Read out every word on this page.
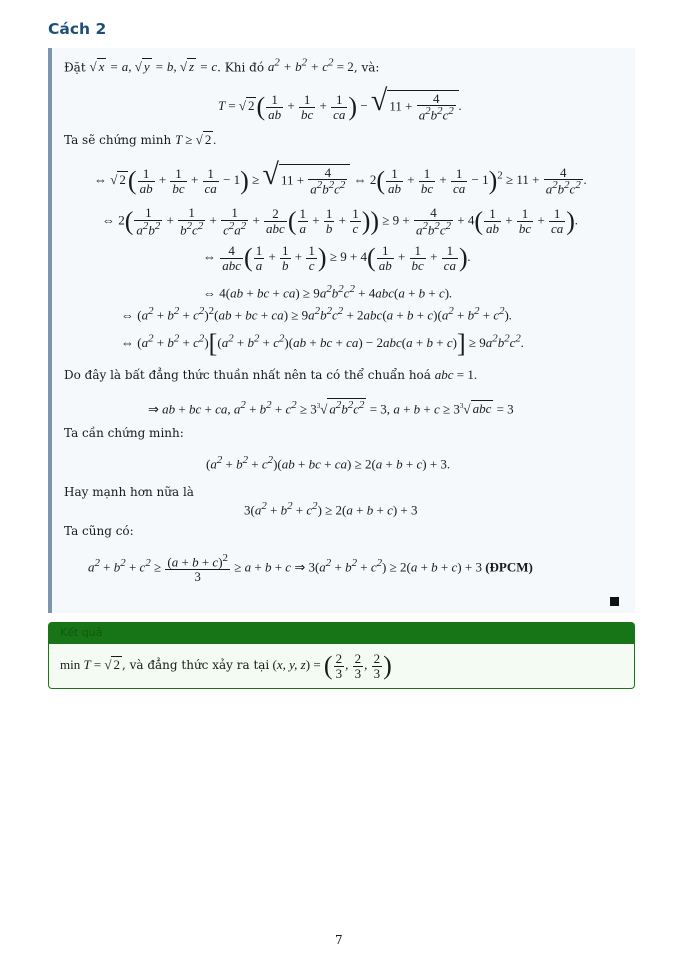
Cách 2
Đặt √ x = a, √ y = b, √ z = c. Khi đó $a^2 + b^2 + c^2 = 2$, và:
T = √ $2( \frac{1}{ab} + \frac{1}{bc} + \frac{1}{ca}$ ) − √ $11 + \frac{4}{a^2b^2c^2}$ .
Ta sẽ chứng minh T ≥ √ 2 .
⇔ √ $2( \frac{1}{ab} + \frac{1}{bc} + \frac{1}{ca} - 1)$ ≥ √ $11 + \frac{4}{a^2b^2c^2}$ ⇔ $2( \frac{1}{ab} + \frac{1}{bc} + \frac{1}{ca} - 1)^2 \ge 11 + \frac{4}{a^2b^2c^2}$ .
⇔ $2( \frac{1}{a^2b^2} + \frac{1}{b^2c^2} + \frac{1}{c^2a^2} + 2$
abc ( $\frac{1}{a} + \frac{1}{b} + \frac{1}{c}$ )) ≥ $9 + \frac{4}{a^2b^2c^2} + 4( \frac{1}{ab} + \frac{1}{bc} + \frac{1}{ca}$ ).
⇔ 4
abc ( $\frac{1}{a} + \frac{1}{b} + \frac{1}{c}$ ) ≥ $9 + 4( \frac{1}{ab} + \frac{1}{bc} + \frac{1}{ca}$ ).
⇔ 4(ab + bc + $ca) \ge 9a^2b^2c^2 + 4abc(a + b + c)$.
⇔ $(a^2 + b^2 + c^2)^2(ab$ + bc + $ca) \ge 9a^2b^2c^2 + 2abc(a + b + c)(a^2 + b^2 + c^2)$.
⇔ $(a^2 + b^2 + c^2)[(a^2 + b^2 + c^2)(ab$ + bc + $ca) - 2abc(a + b + c)] \ge 9a^2b^2c^2$.
Do đây là bất đẳng thức thuần nhất nên ta có thể chuẩn hoá abc = 1.
⇒ ab + bc + ca, $a^2 + b^2 + c^2 \ge 3^3√$ $a^2b^2c^2 = 3$, $a + b + c \ge 3^3√$ abc = 3
Ta cần chứng minh:
$(a^2 + b^2 + c^2)(ab$ + bc + ca) ≥ 2(a + b + c) + 3.
Hay mạnh hơn nữa là
$3(a^2 + b^2 + c^2) \ge 2(a + b + c) + 3$
Ta cũng có:
$a^2 + b^2 + c^2 \ge \frac{(a + b + c)^2}{3} \ge a + b + c$ ⇒ $3(a^2 + b^2 + c^2) \ge 2(a + b + c) + 3$ (ĐPCM)
Kết quả
min T = √ 2 , và đẳng thức xảy ra tại (x, y, z) = ( $\frac{2}{3}$ , $\frac{2}{3}$ , $\frac{2}{3}$ )
7
